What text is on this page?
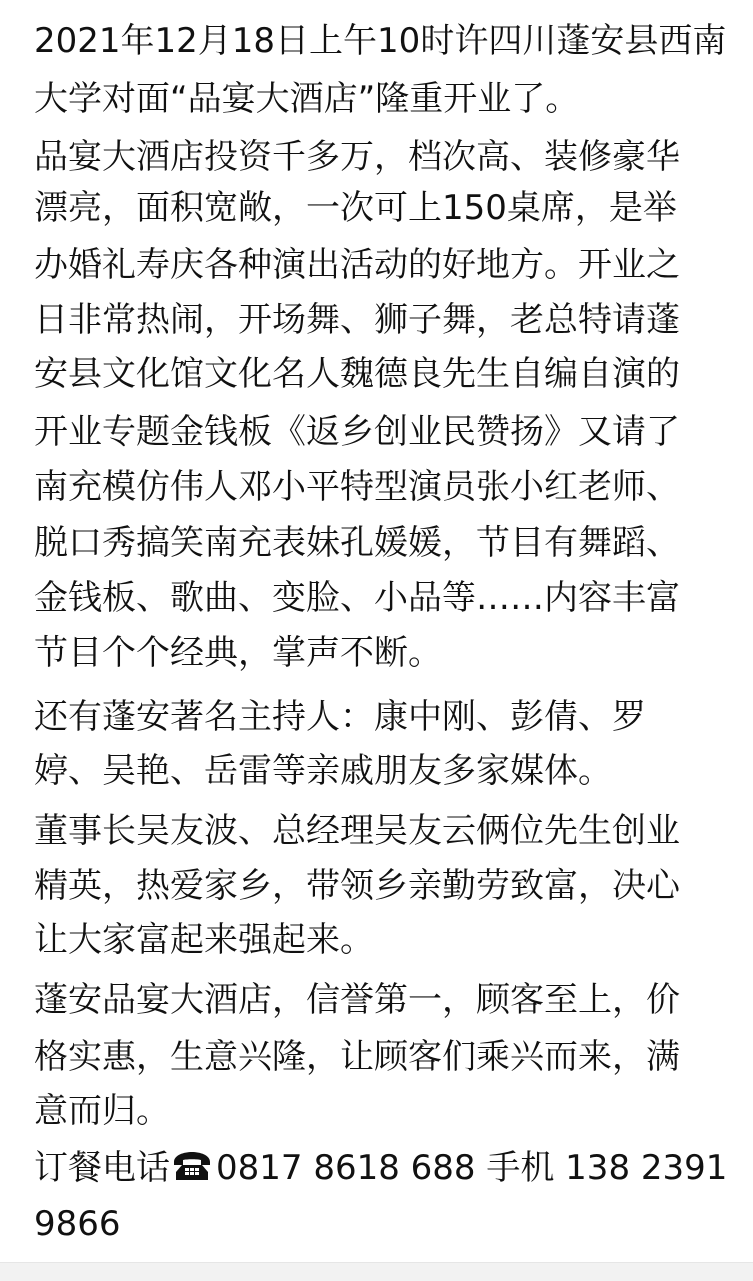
2021年12月18日上午10时许四川蓬安县西南
大学对面“品宴大酒店”隆重开业了。
品宴大酒店投资千多万，档次高、装修豪华
漂亮，面积宽敞，一次可上150桌席，是举
办婚礼寿庆各种演出活动的好地方。开业之
日非常热闹，开场舞、狮子舞，老总特请蓬
安县文化馆文化名人魏德良先生自编自演的
开业专题金钱板《返乡创业民赞扬》又请了
南充模仿伟人邓小平特型演员张小红老师、
脱口秀搞笑南充表妹孔媛媛，节目有舞蹈、
金钱板、歌曲、变脸、小品等……内容丰富
节目个个经典，掌声不断。
还有蓬安著名主持人：康中刚、彭倩、罗
婷、吴艳、岳雷等亲戚朋友多家媒体。
董事长吴友波、总经理吴友云俩位先生创业
精英，热爱家乡，带领乡亲勤劳致富，决心
让大家富起来强起来。
蓬安品宴大酒店，信誉第一，顾客至上，价
格实惠，生意兴隆，让顾客们乘兴而来，满
意而归。
订餐电话 0817 8618 688 手机 138 2391
9866
